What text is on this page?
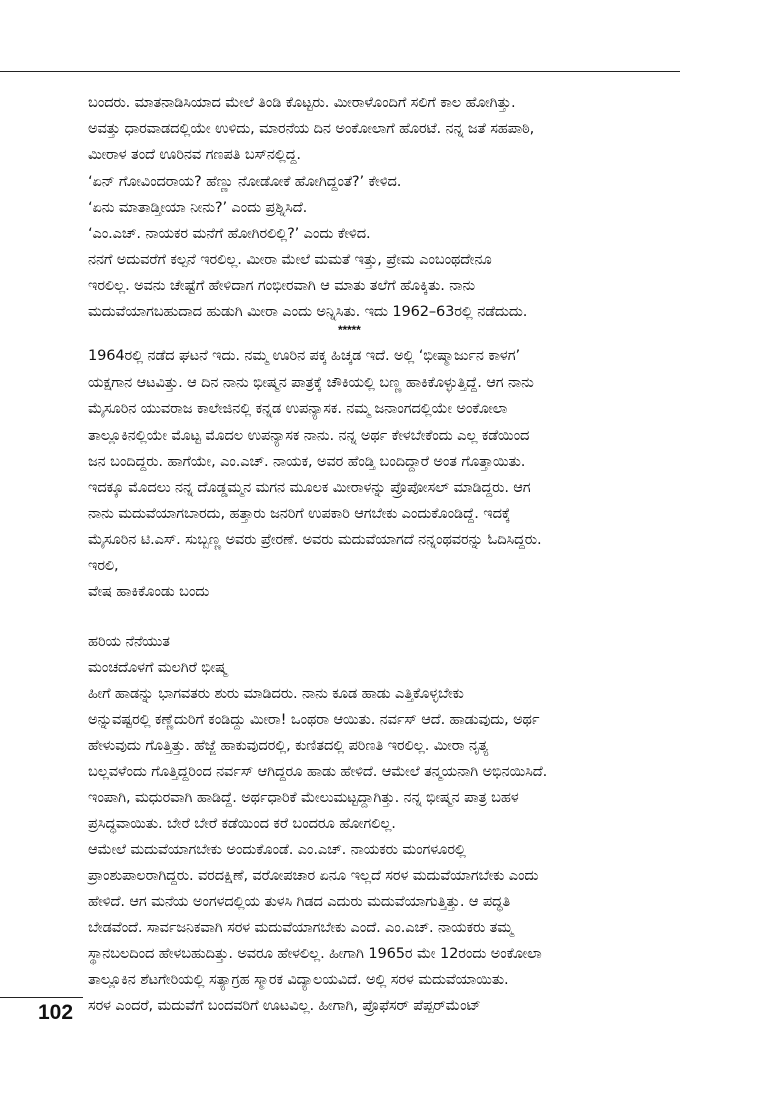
ಬಂದರು. ಮಾತನಾಡಿಸಿಯಾದ ಮೇಲೆ ತಿಂಡಿ ಕೊಟ್ಟರು. ಮೀರಾಳೊಂದಿಗೆ ಸಲಿಗೆ ಕಾಲ ಹೋಗಿತ್ತು.
ಅವತ್ತು ಧಾರವಾಡದಲ್ಲಿಯೇ ಉಳಿದು, ಮಾರನೆಯ ದಿನ ಅಂಕೋಲಾಗೆ ಹೊರಟೆ. ನನ್ನ ಜತೆ ಸಹಪಾಠಿ,
ಮೀರಾಳ ತಂದೆ ಊರಿನವ ಗಣಪತಿ ಬಸ್‌ನಲ್ಲಿದ್ದ.
‘ಏನ್ ಗೋವಿಂದರಾಯ? ಹೆಣ್ಣು ನೋಡೋಕೆ ಹೋಗಿದ್ದಂತೆ?’ ಕೇಳಿದ.
‘ಏನು ಮಾತಾಡ್ತೀಯಾ ನೀನು?’ ಎಂದು ಪ್ರಶ್ನಿಸಿದೆ.
‘ಎಂ.ಎಚ್. ನಾಯಕರ ಮನೆಗೆ ಹೋಗಿರಲಿಲ್ಲಿ?’ ಎಂದು ಕೇಳಿದ.
ನನಗೆ ಅದುವರೆಗೆ ಕಲ್ಪನೆ ಇರಲಿಲ್ಲ. ಮೀರಾ ಮೇಲೆ ಮಮತೆ ಇತ್ತು, ಪ್ರೇಮ ಎಂಬಂಥದೇನೂ
ಇರಲಿಲ್ಲ. ಅವನು ಚೇಷ್ಟೆಗೆ ಹೇಳಿದಾಗ ಗಂಭೀರವಾಗಿ ಆ ಮಾತು ತಲೆಗೆ ಹೊಕ್ಕಿತು. ನಾನು
ಮದುವೆಯಾಗಬಹುದಾದ ಹುಡುಗಿ ಮೀರಾ ಎಂದು ಅನ್ನಿಸಿತು. ಇದು 1962–63ರಲ್ಲಿ ನಡೆದುದು.
*****
1964ರಲ್ಲಿ ನಡೆದ ಘಟನೆ ಇದು. ನಮ್ಮ ಊರಿನ ಪಕ್ಕ ಹಿಚ್ಕಡ ಇದೆ. ಅಲ್ಲಿ ‘ಭೀಷ್ಮಾರ್ಜುನ ಕಾಳಗ’
ಯಕ್ಷಗಾನ ಆಟವಿತ್ತು. ಆ ದಿನ ನಾನು ಭೀಷ್ಮನ ಪಾತ್ರಕ್ಕೆ ಚೌಕಿಯಲ್ಲಿ ಬಣ್ಣ ಹಾಕಿಕೊಳ್ಳುತ್ತಿದ್ದೆ. ಆಗ ನಾನು
ಮೈಸೂರಿನ ಯುವರಾಜ ಕಾಲೇಜಿನಲ್ಲಿ ಕನ್ನಡ ಉಪನ್ಯಾಸಕ. ನಮ್ಮ ಜನಾಂಗದಲ್ಲಿಯೇ ಅಂಕೋಲಾ
ತಾಲ್ಲೂಕಿನಲ್ಲಿಯೇ ಮೊಟ್ಟ ಮೊದಲ ಉಪನ್ಯಾಸಕ ನಾನು. ನನ್ನ ಅರ್ಥ ಕೇಳಬೇಕೆಂದು ಎಲ್ಲ ಕಡೆಯಿಂದ
ಜನ ಬಂದಿದ್ದರು. ಹಾಗೆಯೇ, ಎಂ.ಎಚ್. ನಾಯಕ, ಅವರ ಹೆಂಡ್ತಿ ಬಂದಿದ್ದಾರೆ ಅಂತ ಗೊತ್ತಾಯಿತು.
ಇದಕ್ಕೂ ಮೊದಲು ನನ್ನ ದೊಡ್ಡಮ್ಮನ ಮಗನ ಮೂಲಕ ಮೀರಾಳನ್ನು ಪ್ರೊಪೋಸಲ್ ಮಾಡಿದ್ದರು. ಆಗ
ನಾನು ಮದುವೆಯಾಗಬಾರದು, ಹತ್ತಾರು ಜನರಿಗೆ ಉಪಕಾರಿ ಆಗಬೇಕು ಎಂದುಕೊಂಡಿದ್ದೆ. ಇದಕ್ಕೆ
ಮೈಸೂರಿನ ಟಿ.ಎಸ್. ಸುಬ್ಬಣ್ಣ ಅವರು ಪ್ರೇರಣೆ. ಅವರು ಮದುವೆಯಾಗದೆ ನನ್ನಂಥವರನ್ನು ಓದಿಸಿದ್ದರು.
ಇರಲಿ,
ವೇಷ ಹಾಕಿಕೊಂಡು ಬಂದು
ಹರಿಯ ನೆನೆಯುತ
ಮಂಚದೊಳಗೆ ಮಲಗಿರೆ ಭೀಷ್ಮ
ಹೀಗೆ ಹಾಡನ್ನು ಭಾಗವತರು ಶುರು ಮಾಡಿದರು. ನಾನು ಕೂಡ ಹಾಡು ಎತ್ತಿಕೊಳ್ಳಬೇಕು
ಅನ್ನುವಷ್ಟರಲ್ಲಿ ಕಣ್ಣೆದುರಿಗೆ ಕಂಡಿದ್ದು ಮೀರಾ! ಒಂಥರಾ ಆಯಿತು. ನರ್ವಸ್ ಆದೆ. ಹಾಡುವುದು, ಅರ್ಥ
ಹೇಳುವುದು ಗೊತ್ತಿತ್ತು. ಹೆಜ್ಜೆ ಹಾಕುವುದರಲ್ಲಿ, ಕುಣಿತದಲ್ಲಿ ಪರಿಣತಿ ಇರಲಿಲ್ಲ. ಮೀರಾ ನೃತ್ಯ
ಬಲ್ಲವಳೆಂದು ಗೊತ್ತಿದ್ದರಿಂದ ನರ್ವಸ್ ಆಗಿದ್ದರೂ ಹಾಡು ಹೇಳಿದೆ. ಆಮೇಲೆ ತನ್ಮಯನಾಗಿ ಅಭಿನಯಿಸಿದೆ.
ಇಂಪಾಗಿ, ಮಧುರವಾಗಿ ಹಾಡಿದ್ದೆ. ಅರ್ಥಧಾರಿಕೆ ಮೇಲುಮಟ್ಟದ್ದಾಗಿತ್ತು. ನನ್ನ ಭೀಷ್ಮನ ಪಾತ್ರ ಬಹಳ
ಪ್ರಸಿದ್ಧವಾಯಿತು. ಬೇರೆ ಬೇರೆ ಕಡೆಯಿಂದ ಕರೆ ಬಂದರೂ ಹೋಗಲಿಲ್ಲ.
ಆಮೇಲೆ ಮದುವೆಯಾಗಬೇಕು ಅಂದುಕೊಂಡೆ. ಎಂ.ಎಚ್. ನಾಯಕರು ಮಂಗಳೂರಲ್ಲಿ
ಪ್ರಾಂಶುಪಾಲರಾಗಿದ್ದರು. ವರದಕ್ಷಿಣೆ, ವರೋಪಚಾರ ಏನೂ ಇಲ್ಲದೆ ಸರಳ ಮದುವೆಯಾಗಬೇಕು ಎಂದು
ಹೇಳಿದೆ. ಆಗ ಮನೆಯ ಅಂಗಳದಲ್ಲಿಯ ತುಳಸಿ ಗಿಡದ ಎದುರು ಮದುವೆಯಾಗುತ್ತಿತ್ತು. ಆ ಪದ್ಧತಿ
ಬೇಡವೆಂದೆ. ಸಾರ್ವಜನಿಕವಾಗಿ ಸರಳ ಮದುವೆಯಾಗಬೇಕು ಎಂದೆ. ಎಂ.ಎಚ್. ನಾಯಕರು ತಮ್ಮ
ಸ್ಥಾನಬಲದಿಂದ ಹೇಳಬಹುದಿತ್ತು. ಅವರೂ ಹೇಳಲಿಲ್ಲ. ಹೀಗಾಗಿ 1965ರ ಮೇ 12ರಂದು ಅಂಕೋಲಾ
ತಾಲ್ಲೂಕಿನ ಶೆಟಗೇರಿಯಲ್ಲಿ ಸತ್ಯಾಗ್ರಹ ಸ್ಮಾರಕ ವಿದ್ಯಾಲಯವಿದೆ. ಅಲ್ಲಿ ಸರಳ ಮದುವೆಯಾಯಿತು.
ಸರಳ ಎಂದರೆ, ಮದುವೆಗೆ ಬಂದವರಿಗೆ ಊಟವಿಲ್ಲ. ಹೀಗಾಗಿ, ಪ್ರೊಫೆಸರ್ ಪೆಪ್ಪರ್‌ಮೆಂಟ್
102
